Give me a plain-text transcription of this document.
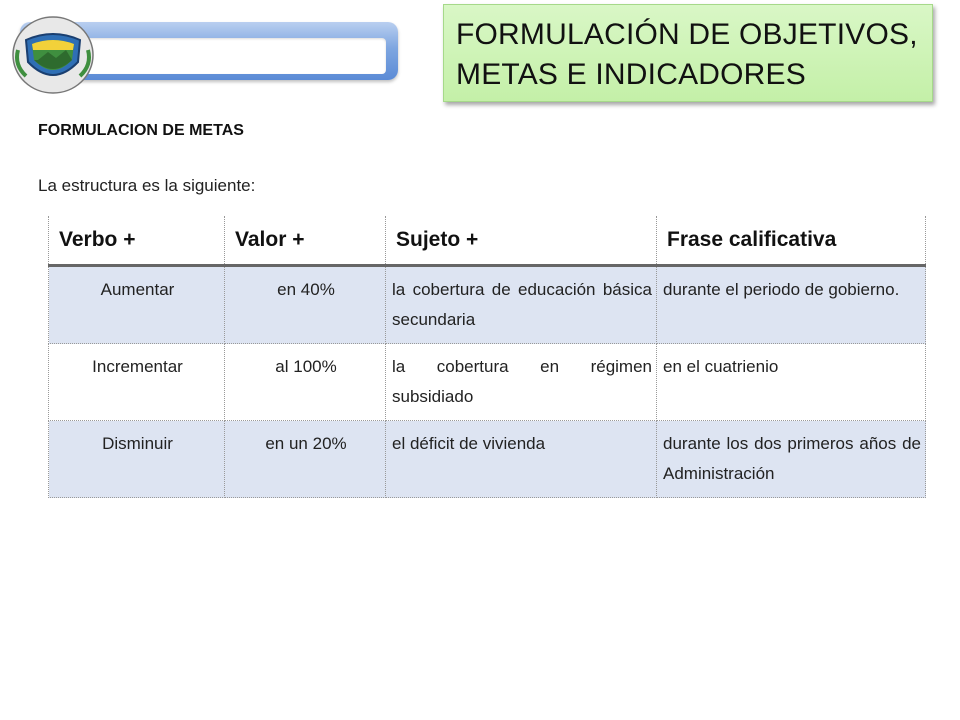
FORMULACIÓN DE OBJETIVOS,
METAS E INDICADORES
FORMULACION DE METAS
La estructura es la siguiente:
Verbo +	Valor +	Sujeto +	Frase calificativa
Aumentar	en 40%	la cobertura de educación básica secundaria	durante el periodo de gobierno.
Incrementar	al 100%	la cobertura en régimen subsidiado	en el cuatrienio
Disminuir	en un 20%	el déficit de vivienda	durante los dos primeros años de Administración
